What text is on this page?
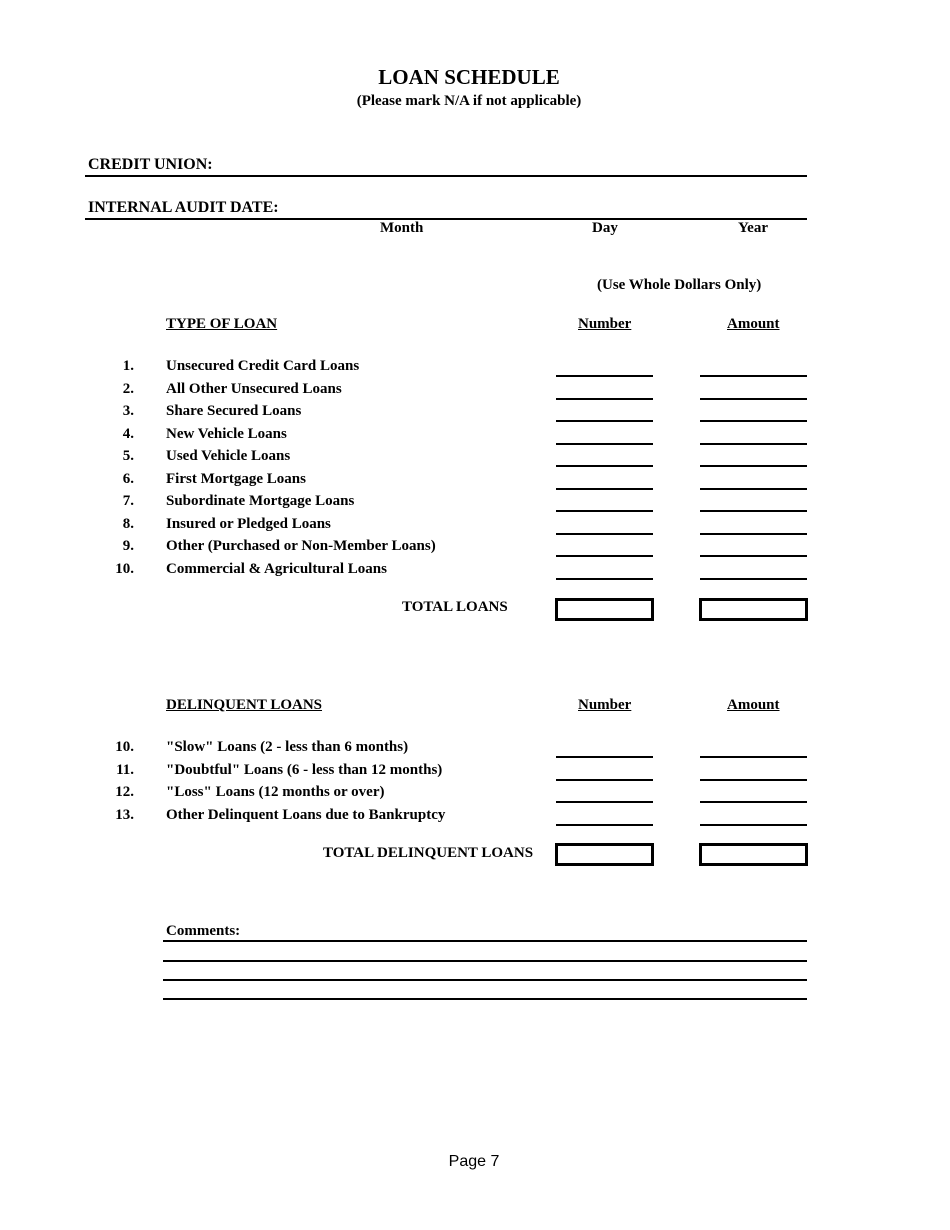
LOAN SCHEDULE
(Please mark N/A if not applicable)
CREDIT UNION:
INTERNAL AUDIT DATE:
Month	Day	Year
(Use Whole Dollars Only)
TYPE OF LOAN	Number	Amount
1. Unsecured Credit Card Loans
2. All Other Unsecured Loans
3. Share Secured Loans
4. New Vehicle Loans
5. Used Vehicle Loans
6. First Mortgage Loans
7. Subordinate Mortgage Loans
8. Insured or Pledged Loans
9. Other (Purchased or Non-Member Loans)
10. Commercial & Agricultural Loans
TOTAL LOANS
DELINQUENT LOANS	Number	Amount
10. "Slow" Loans (2 - less than 6 months)
11. "Doubtful" Loans (6 - less than 12 months)
12. "Loss" Loans (12 months or over)
13. Other Delinquent Loans due to Bankruptcy
TOTAL DELINQUENT LOANS
Comments:
Page 7
